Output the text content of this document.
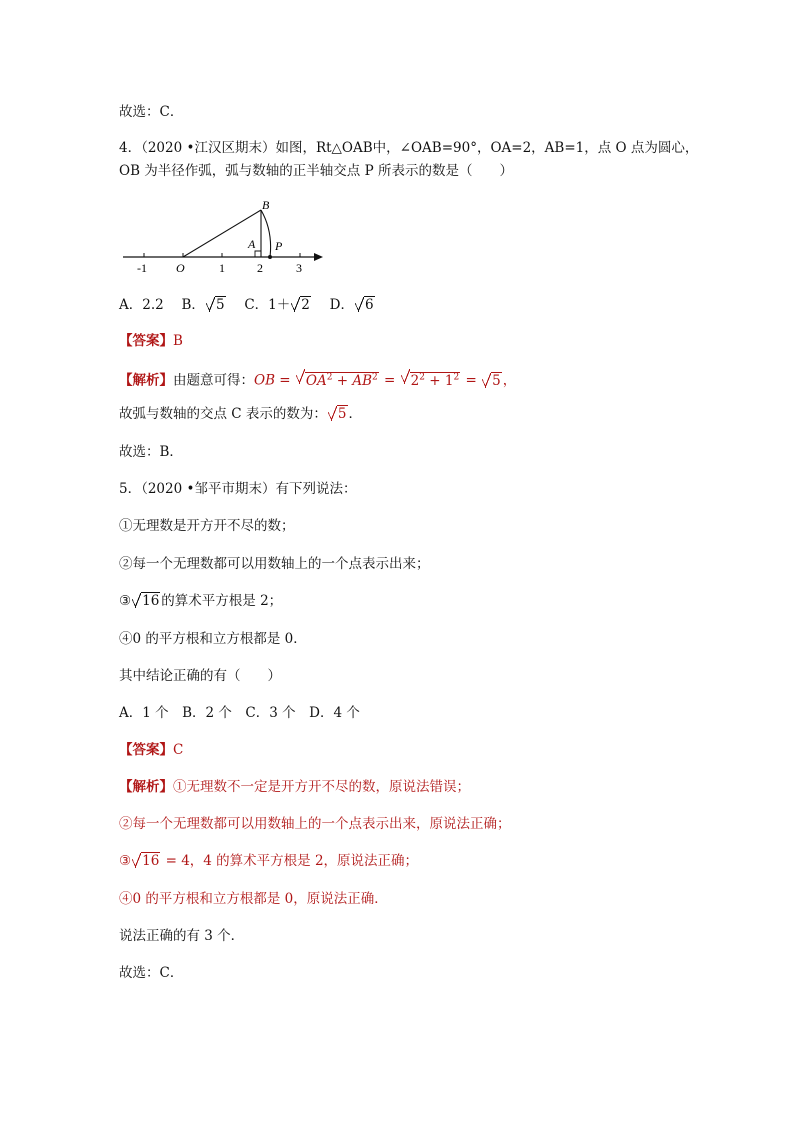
故选：C．
4．（2020 •江汉区期末）如图，Rt△OAB中，∠OAB=90°，OA=2，AB=1，点 O 点为圆心，
OB 为半径作弧，弧与数轴的正半轴交点 P 所表示的数是（　　）
B
A P
O
-1	1	2	3
A．2.2　 B． 5　 C．1＋ 2　 D． 6
【答案】B
【解析】由题意可得：OB = $OA^2 + AB^2 = 2^2 + 1^2 = 5$ ，
故弧与数轴的交点 C 表示的数为： 5 ．
故选：B．
5．（2020 •邹平市期末）有下列说法：
①无理数是开方开不尽的数；
②每一个无理数都可以用数轴上的一个点表示出来；
③ 16 的算术平方根是 2；
④0 的平方根和立方根都是 0．
其中结论正确的有（　　）
A．1 个　B．2 个　C．3 个　D．4 个
【答案】C
【解析】①无理数不一定是开方开不尽的数，原说法错误；
②每一个无理数都可以用数轴上的一个点表示出来，原说法正确；
③ 16 = 4，4 的算术平方根是 2，原说法正确；
④0 的平方根和立方根都是 0，原说法正确．
说法正确的有 3 个．
故选：C．
